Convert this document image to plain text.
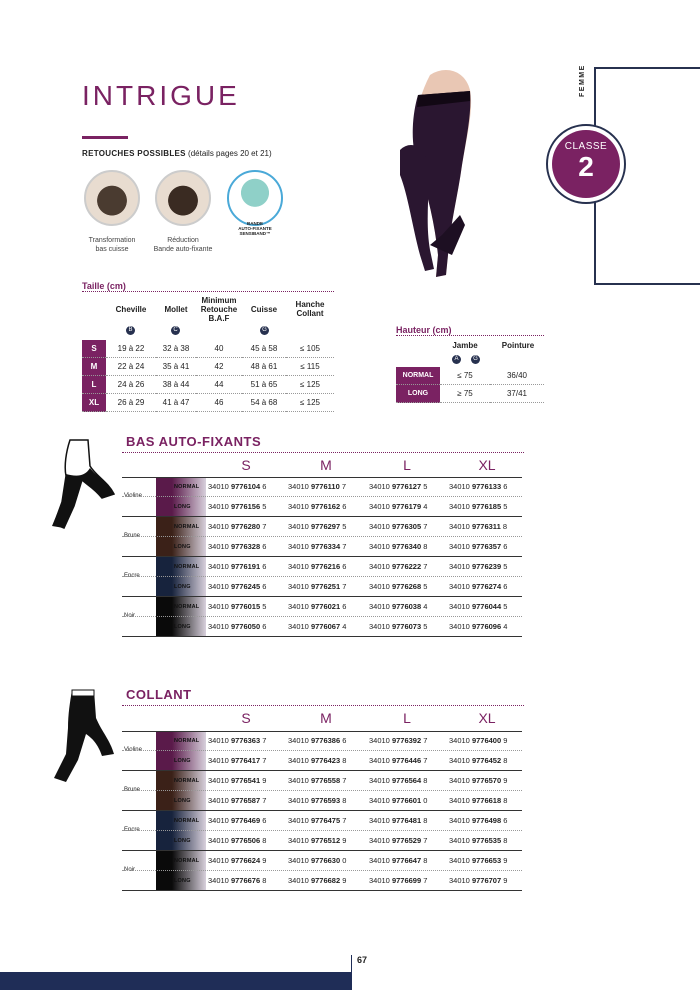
INTRIGUE
RETOUCHES POSSIBLES (détails pages 20 et 21)
Transformation
bas cuisse
Réduction
Bande auto-fixante
BANDE
AUTO-FIXANTE SENSIBAND™
FEMME
CLASSE
2
Taille (cm)
Cheville	Mollet
Minimum Retouche B.A.F
Cuisse
Hanche Collant
B	C	G
S	19 à 22	32 à 38	40	45 à 58	≤ 105
M	22 à 24	35 à 41	42	48 à 61	≤ 115
L	24 à 26	38 à 44	44	51 à 65	≤ 125
XL	26 à 29	41 à 47	46	54 à 68	≤ 125
Hauteur (cm)
Jambe	Pointure
A	G
NORMAL	≤ 75	36/40
LONG	≥ 75	37/41
BAS AUTO-FIXANTS
S	M	L	XL
Violine
NORMAL 34010 9776104 6	34010 9776110 7	34010 9776127 5	34010 9776133 6
LONG 34010 9776156 5	34010 9776162 6	34010 9776179 4	34010 9776185 5
Brune
NORMAL 34010 9776280 7	34010 9776297 5	34010 9776305 7	34010 9776311 8
LONG 34010 9776328 6	34010 9776334 7	34010 9776340 8	34010 9776357 6
Encre
NORMAL 34010 9776191 6	34010 9776216 6	34010 9776222 7	34010 9776239 5
LONG 34010 9776245 6	34010 9776251 7	34010 9776268 5	34010 9776274 6
Noir
NORMAL 34010 9776015 5	34010 9776021 6	34010 9776038 4	34010 9776044 5
LONG 34010 9776050 6	34010 9776067 4	34010 9776073 5	34010 9776096 4
COLLANT
S	M	L	XL
Violine
NORMAL 34010 9776363 7	34010 9776386 6	34010 9776392 7	34010 9776400 9
LONG 34010 9776417 7	34010 9776423 8	34010 9776446 7	34010 9776452 8
Brune
NORMAL 34010 9776541 9	34010 9776558 7	34010 9776564 8	34010 9776570 9
LONG 34010 9776587 7	34010 9776593 8	34010 9776601 0	34010 9776618 8
Encre
NORMAL 34010 9776469 6	34010 9776475 7	34010 9776481 8	34010 9776498 6
LONG 34010 9776506 8	34010 9776512 9	34010 9776529 7	34010 9776535 8
Noir
NORMAL 34010 9776624 9	34010 9776630 0	34010 9776647 8	34010 9776653 9
LONG 34010 9776676 8	34010 9776682 9	34010 9776699 7	34010 9776707 9
67
